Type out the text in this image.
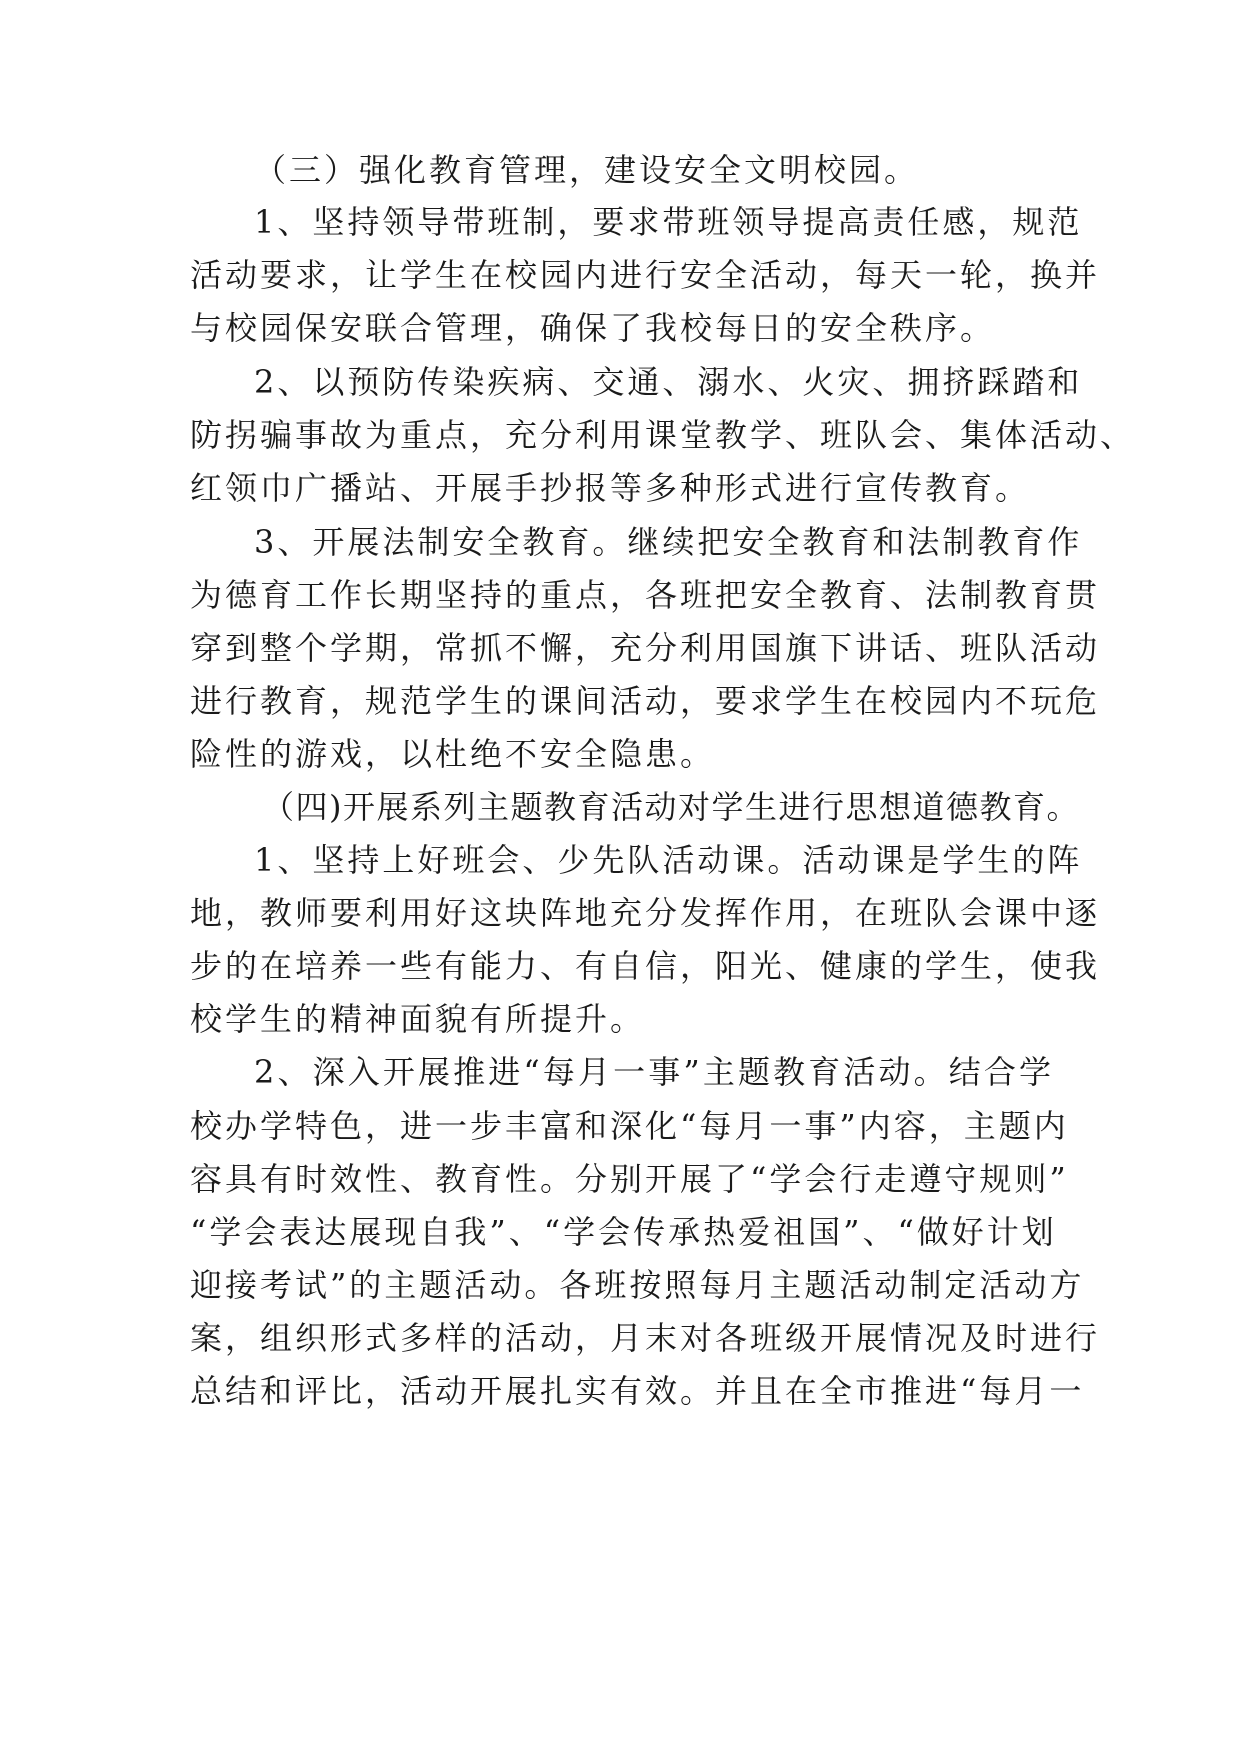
（三）强化教育管理，建设安全文明校园。
1、坚持领导带班制，要求带班领导提高责任感，规范
活动要求，让学生在校园内进行安全活动，每天一轮，换并
与校园保安联合管理，确保了我校每日的安全秩序。
2、以预防传染疾病、交通、溺水、火灾、拥挤踩踏和
防拐骗事故为重点，充分利用课堂教学、班队会、集体活动、
红领巾广播站、开展手抄报等多种形式进行宣传教育。
3、开展法制安全教育。继续把安全教育和法制教育作
为德育工作长期坚持的重点，各班把安全教育、法制教育贯
穿到整个学期，常抓不懈，充分利用国旗下讲话、班队活动
进行教育，规范学生的课间活动，要求学生在校园内不玩危
险性的游戏，以杜绝不安全隐患。
（四)开展系列主题教育活动对学生进行思想道德教育。
1、坚持上好班会、少先队活动课。活动课是学生的阵
地，教师要利用好这块阵地充分发挥作用，在班队会课中逐
步的在培养一些有能力、有自信，阳光、健康的学生，使我
校学生的精神面貌有所提升。
2、深入开展推进“每月一事”主题教育活动。结合学
校办学特色，进一步丰富和深化“每月一事”内容，主题内
容具有时效性、教育性。分别开展了“学会行走遵守规则”
“学会表达展现自我”、“学会传承热爱祖国”、“做好计划
迎接考试”的主题活动。各班按照每月主题活动制定活动方
案，组织形式多样的活动，月末对各班级开展情况及时进行
总结和评比，活动开展扎实有效。并且在全市推进“每月一
